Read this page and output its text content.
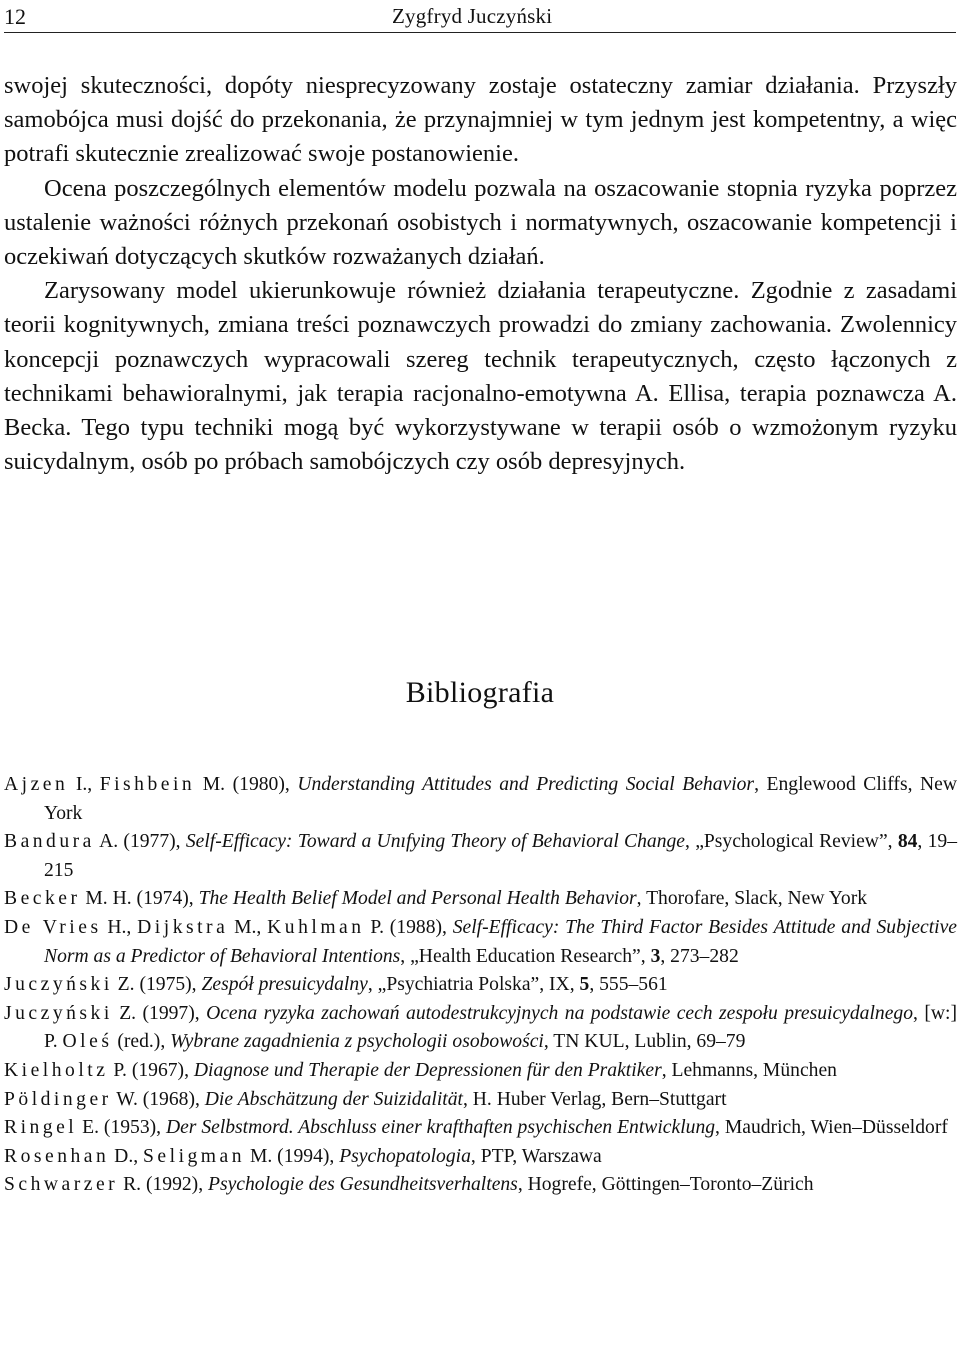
12	Zygfryd Juczyński

swojej skuteczności, dopóty niesprecyzowany zostaje ostateczny zamiar działania. Przyszły samobójca musi dojść do przekonania, że przynajmniej w tym jednym jest kompetentny, a więc potrafi skutecznie zrealizować swoje postanowienie.

Ocena poszczególnych elementów modelu pozwala na oszacowanie stopnia ryzyka poprzez ustalenie ważności różnych przekonań osobistych i normatywnych, oszacowanie kompetencji i oczekiwań dotyczących skutków rozważanych działań.

Zarysowany model ukierunkowuje również działania terapeutyczne. Zgodnie z zasadami teorii kognitywnych, zmiana treści poznawczych prowadzi do zmiany zachowania. Zwolennicy koncepcji poznawczych wypracowali szereg technik terapeutycznych, często łączonych z technikami behawioralnymi, jak terapia racjonalno-emotywna A. Ellisa, terapia poznawcza A. Becka. Tego typu techniki mogą być wykorzystywane w terapii osób o wzmożonym ryzyku suicydalnym, osób po próbach samobójczych czy osób depresyjnych.

Bibliografia

Ajzen I., Fishbein M. (1980), Understanding Attitudes and Predicting Social Behavior, Englewood Cliffs, New York

Bandura A. (1977), Self-Efficacy: Toward a Unıfying Theory of Behavioral Change, „Psychological Review”, 84, 19–215

Becker M. H. (1974), The Health Belief Model and Personal Health Behavior, Thorofare, Slack, New York

De Vries H., Dijkstra M., Kuhlman P. (1988), Self-Efficacy: The Third Factor Besides Attitude and Subjective Norm as a Predictor of Behavioral Intentions, „Health Education Research”, 3, 273–282

Juczyński Z. (1975), Zespół presuicydalny, „Psychiatria Polska”, IX, 5, 555–561

Juczyński Z. (1997), Ocena ryzyka zachowań autodestrukcyjnych na podstawie cech zespołu presuicydalnego, [w:] P. Oleś (red.), Wybrane zagadnienia z psychologii osobowości, TN KUL, Lublin, 69–79

Kielholtz P. (1967), Diagnose und Therapie der Depressionen für den Praktiker, Lehmanns, München

Pöldinger W. (1968), Die Abschätzung der Suizidalität, H. Huber Verlag, Bern–Stuttgart

Ringel E. (1953), Der Selbstmord. Abschluss einer krafthaften psychischen Entwicklung, Maudrich, Wien–Düsseldorf

Rosenhan D., Seligman M. (1994), Psychopatologia, PTP, Warszawa

Schwarzer R. (1992), Psychologie des Gesundheitsverhaltens, Hogrefe, Göttingen–Toronto–Zürich
